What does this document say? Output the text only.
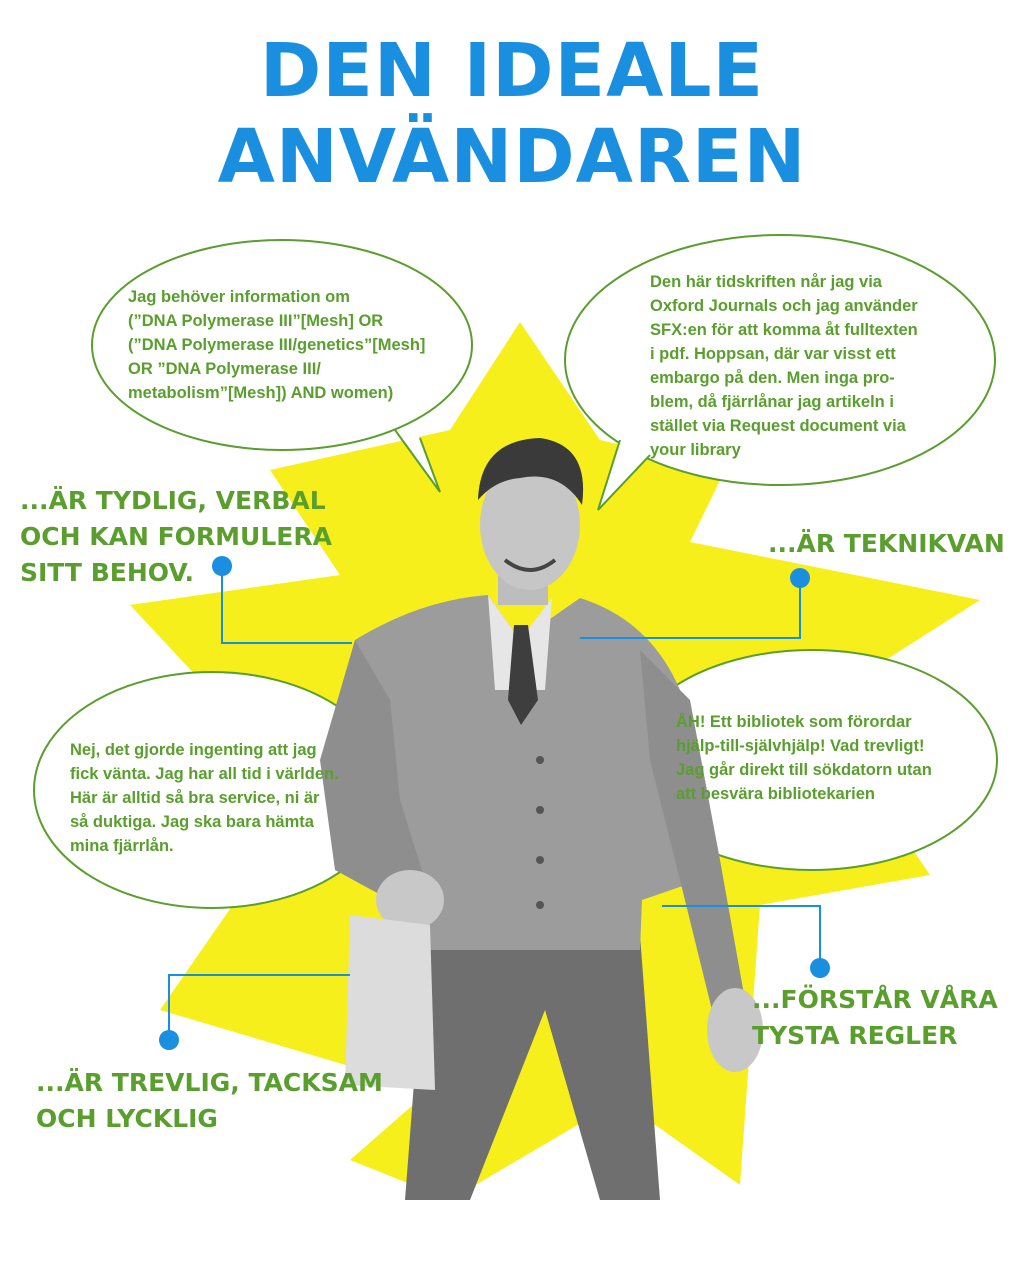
DEN IDEALE ANVÄNDAREN

Jag behöver information om
(”DNA Polymerase III”[Mesh] OR
(”DNA Polymerase III/genetics”[Mesh]
OR ”DNA Polymerase III/
metabolism”[Mesh]) AND women)

Den här tidskriften når jag via
Oxford Journals och jag använder
SFX:en för att komma åt fulltexten
i pdf. Hoppsan, där var visst ett
embargo på den. Men inga pro-
blem, då fjärrlånar jag artikeln i
stället via Request document via
your library

Nej, det gjorde ingenting att jag
fick vänta. Jag har all tid i världen.
Här är alltid så bra service, ni är
så duktiga. Jag ska bara hämta
mina fjärrlån.

ÅH! Ett bibliotek som förordar
hjälp-till-självhjälp! Vad trevligt!
Jag går direkt till sökdatorn utan
att besvära bibliotekarien

...ÄR TYDLIG, VERBAL
OCH KAN FORMULERA
SITT BEHOV.

...ÄR TEKNIKVAN

...FÖRSTÅR VÅRA
TYSTA REGLER

...ÄR TREVLIG, TACKSAM
OCH LYCKLIG
